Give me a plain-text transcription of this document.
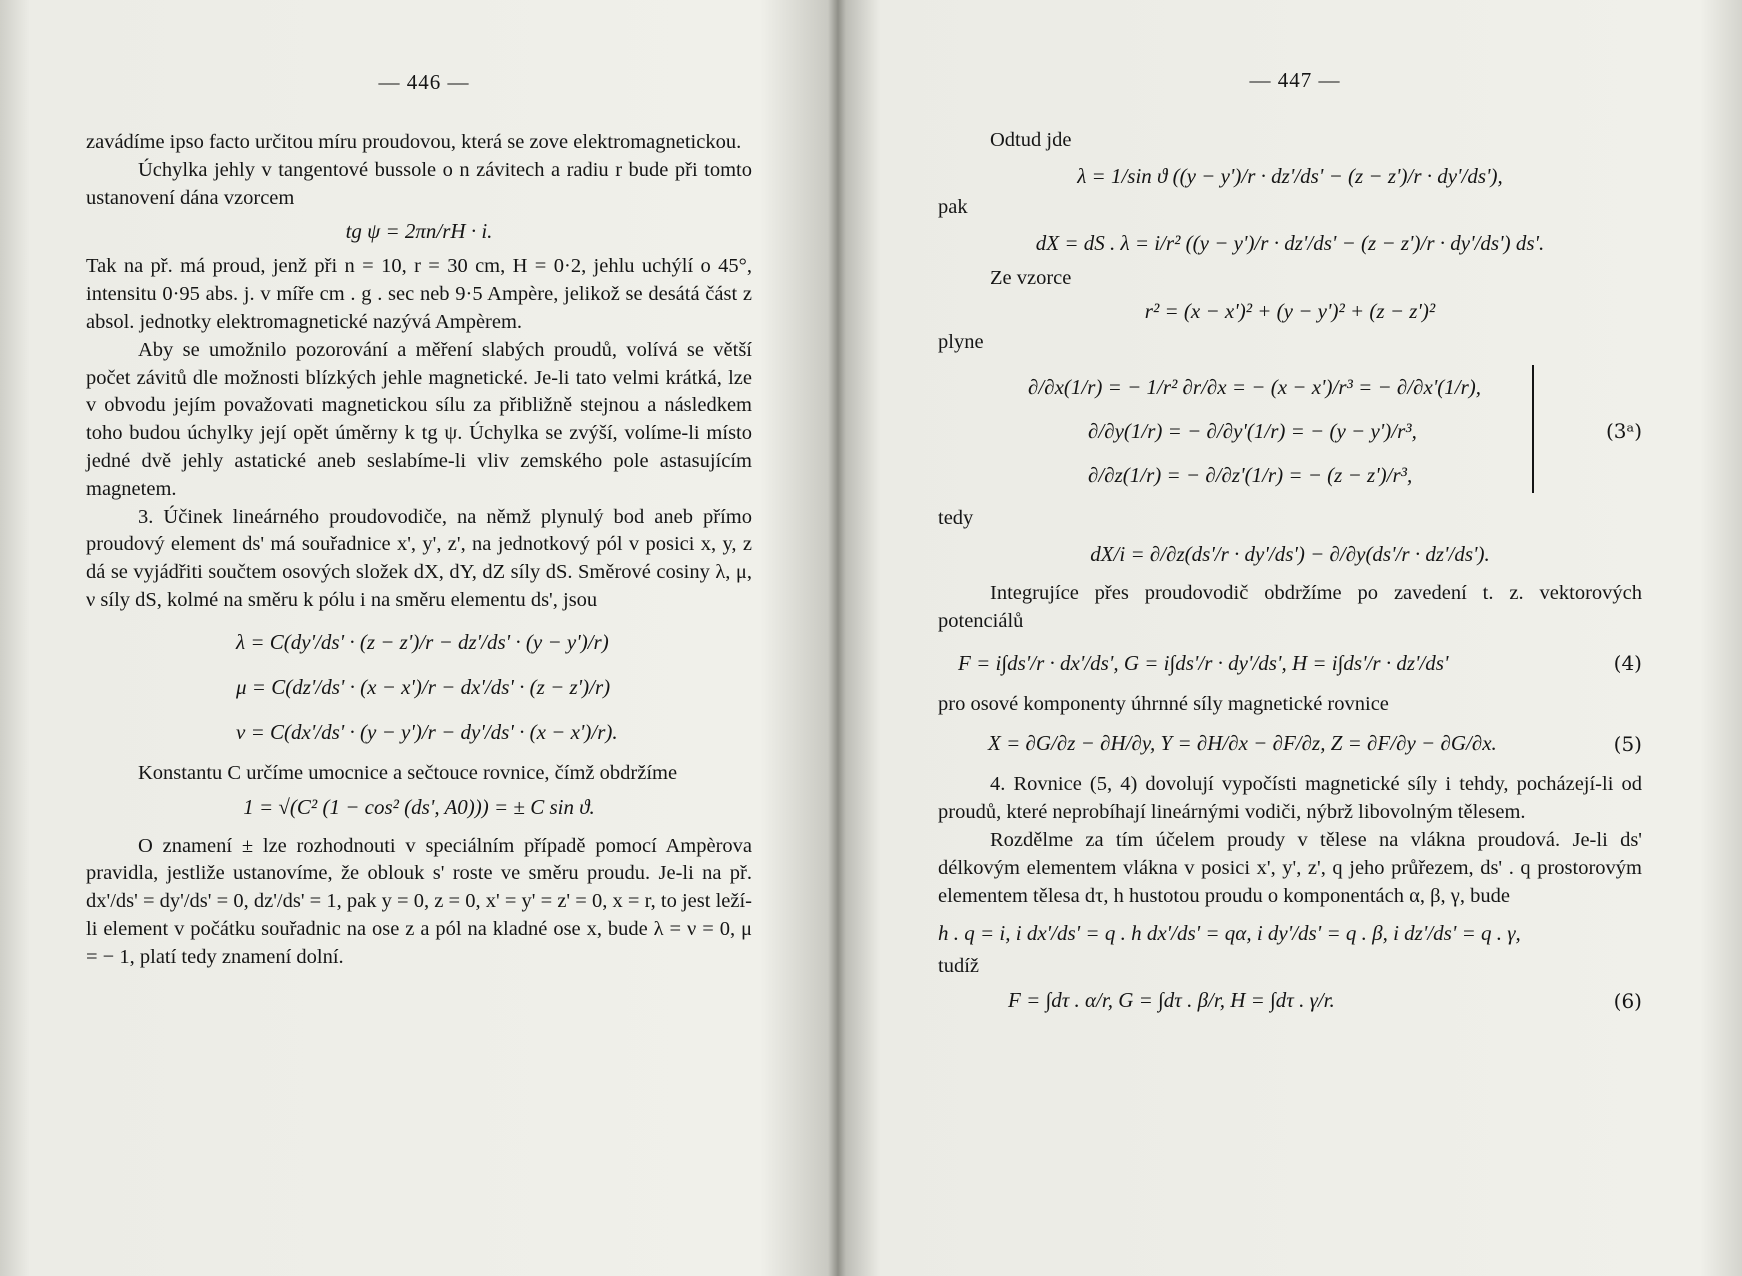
— 446 —

zavádíme ipso facto určitou míru proudovou, která se zove elektromagnetickou.

Úchylka jehly v tangentové bussole o n závitech a radiu r bude při tomto ustanovení dána vzorcem

tg ψ = 2πn/rH · i.

Tak na př. má proud, jenž při n = 10, r = 30 cm, H = 0·2, jehlu uchýlí o 45°, intensitu 0·95 abs. j. v míře cm . g . sec neb 9·5 Ampère, jelikož se desátá část z absol. jednotky elektromagnetické nazývá Ampèrem.

Aby se umožnilo pozorování a měření slabých proudů, volívá se větší počet závitů dle možnosti blízkých jehle magnetické. Je-li tato velmi krátká, lze v obvodu jejím považovati magnetickou sílu za přibližně stejnou a následkem toho budou úchylky její opět úměrny k tg ψ. Úchylka se zvýší, volíme-li místo jedné dvě jehly astatické aneb seslabíme-li vliv zemského pole astasujícím magnetem.

3. Účinek lineárného proudovodiče, na němž plynulý bod aneb přímo proudový element ds' má souřadnice x', y', z', na jednotkový pól v posici x, y, z dá se vyjádřiti součtem osových složek dX, dY, dZ síly dS. Směrové cosiny λ, μ, ν síly dS, kolmé na směru k pólu i na směru elementu ds', jsou

λ = C(dy'/ds' · (z − z')/r − dz'/ds' · (y − y')/r)
μ = C(dz'/ds' · (x − x')/r − dx'/ds' · (z − z')/r)
ν = C(dx'/ds' · (y − y')/r − dy'/ds' · (x − x')/r).

Konstantu C určíme umocnice a sečtouce rovnice, čímž obdržíme

1 = √(C² (1 − cos² (ds', A0))) = ± C sin ϑ.

O znamení ± lze rozhodnouti v speciálním případě pomocí Ampèrova pravidla, jestliže ustanovíme, že oblouk s' roste ve směru proudu. Je-li na př. dx'/ds' = dy'/ds' = 0, dz'/ds' = 1, pak y = 0, z = 0, x' = y' = z' = 0, x = r, to jest leží-li element v počátku souřadnic na ose z a pól na kladné ose x, bude λ = ν = 0, μ = − 1, platí tedy znamení dolní.

— 447 —

Odtud jde

λ = 1/sin ϑ ((y − y')/r · dz'/ds' − (z − z')/r · dy'/ds'),

pak

dX = dS . λ = i/r² ((y − y')/r · dz'/ds' − (z − z')/r · dy'/ds') ds'.

Ze vzorce

r² = (x − x')² + (y − y')² + (z − z')²

plyne

∂/∂x(1/r) = − 1/r² ∂r/∂x = − (x − x')/r³ = − ∂/∂x'(1/r),
∂/∂y(1/r) = − ∂/∂y'(1/r) = − (y − y')/r³,	(3ᵃ)
∂/∂z(1/r) = − ∂/∂z'(1/r) = − (z − z')/r³,

tedy

dX/i = ∂/∂z(ds'/r · dy'/ds') − ∂/∂y(ds'/r · dz'/ds').

Integrujíce přes proudovodič obdržíme po zavedení t. z. vektorových potenciálů

F = i∫ds'/r · dx'/ds', G = i∫ds'/r · dy'/ds', H = i∫ds'/r · dz'/ds'	(4)

pro osové komponenty úhrnné síly magnetické rovnice

X = ∂G/∂z − ∂H/∂y, Y = ∂H/∂x − ∂F/∂z, Z = ∂F/∂y − ∂G/∂x.	(5)

4. Rovnice (5, 4) dovolují vypočísti magnetické síly i tehdy, pocházejí-li od proudů, které neprobíhají lineárnými vodiči, nýbrž libovolným tělesem.

Rozdělme za tím účelem proudy v tělese na vlákna proudová. Je-li ds' délkovým elementem vlákna v posici x', y', z', q jeho průřezem, ds' . q prostorovým elementem tělesa dτ, h hustotou proudu o komponentách α, β, γ, bude

h . q = i, i dx'/ds' = q . h dx'/ds' = qα, i dy'/ds' = q . β, i dz'/ds' = q . γ,

tudíž

F = ∫dτ . α/r, G = ∫dτ . β/r, H = ∫dτ . γ/r.	(6)
